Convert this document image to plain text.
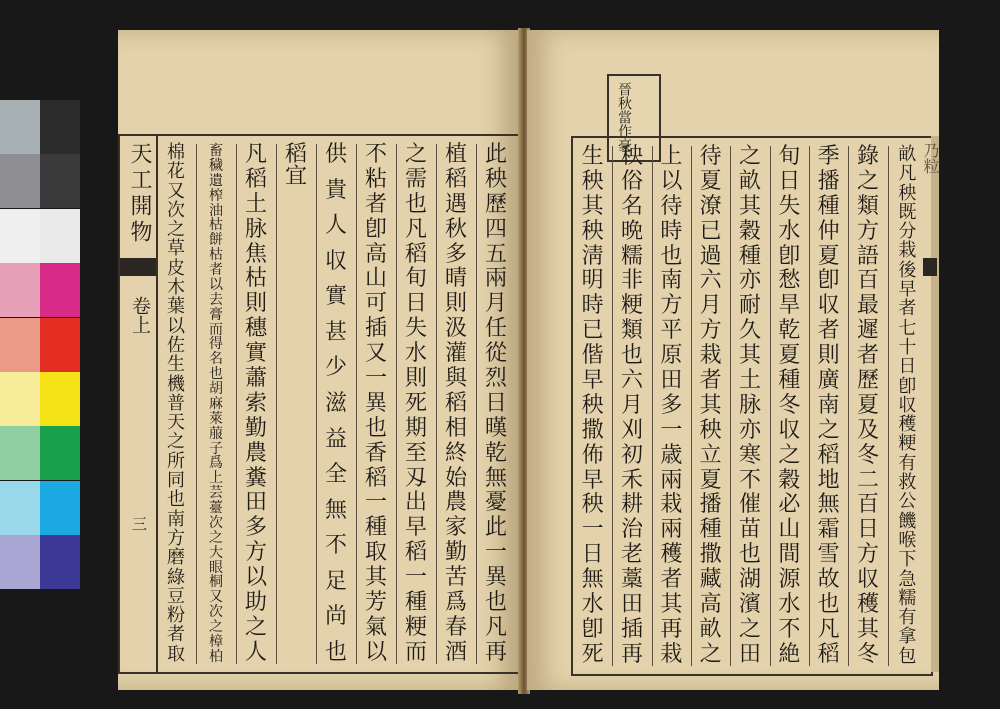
天工開物
卷上
三
此
秧
歷
四
五
兩
月
任
從
烈
日
暵
乾
無
憂
此
一
異
也
凡
再
植
稻
遇
秋
多
晴
則
汲
灌
與
稻
相
終
始
農
家
勤
苦
爲
春
酒
之
需
也
凡
稻
旬
日
失
水
則
死
期
至
刄
出
早
稻
一
種
粳
而
不
粘
者
卽
高
山
可
插
又
一
異
也
香
稻
一
種
取
其
芳
氣
以
供
貴
人
収
實
甚
少
滋
益
全
無
不
足
尚
也
稻
宜
凡
稻
土
脉
焦
枯
則
穗
實
蕭
索
勤
農
糞
田
多
方
以
助
之
人
畜
穢
遺
榨
油
枯
餅
枯
者
以
去
膏
而
得
名
也
胡
麻
萊
菔
子
爲
上
芸
薹
次
之
大
眼
桐
又
次
之
樟
柏
棉
花
又
次
之
草
皮
木
葉
以
佐
生
機
普
天
之
所
同
也
南
方
磨
綠
豆
粉
者
取
晉秋當作豪
畝
凡
秧
既
分
栽
後
早
者
七
十
日
卽
収
穫
粳
有
救
公
饑
喉
下
急
糯
有
拿
包
錄
之
類
方
語
百
最
遲
者
歷
夏
及
冬
二
百
日
方
収
穫
其
冬
季
播
種
仲
夏
卽
収
者
則
廣
南
之
稻
地
無
霜
雪
故
也
凡
稻
旬
日
失
水
卽
愁
旱
乾
夏
種
冬
収
之
穀
必
山
間
源
水
不
絶
之
畝
其
穀
種
亦
耐
久
其
土
脉
亦
寒
不
催
苗
也
湖
濱
之
田
待
夏
潦
已
過
六
月
方
栽
者
其
秧
立
夏
播
種
撒
藏
高
畝
之
上
以
待
時
也
南
方
平
原
田
多
一
歳
兩
栽
兩
穫
者
其
再
栽
秧
俗
名
晩
糯
非
粳
類
也
六
月
刈
初
禾
耕
治
老
藁
田
插
再
生
秧
其
秧
淸
明
時
已
偕
早
秧
撒
佈
早
秧
一
日
無
水
卽
死
乃粒
